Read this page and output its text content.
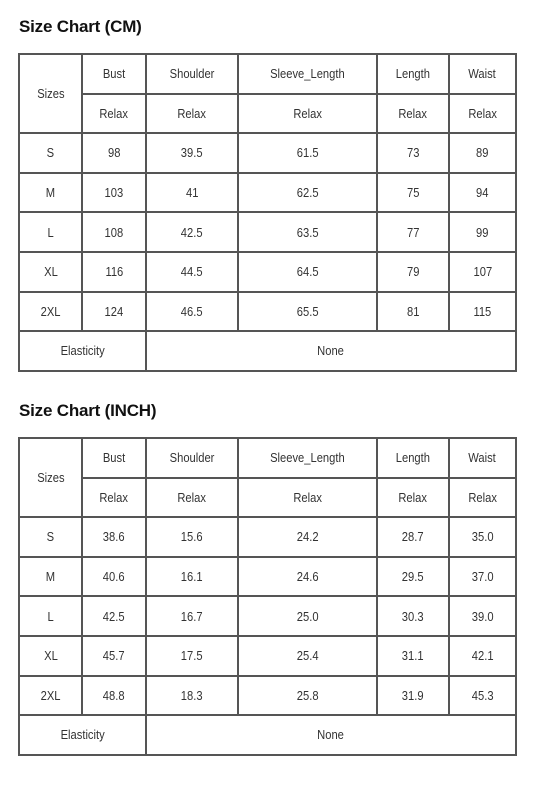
Size Chart (CM)
Sizes	Bust	Shoulder	Sleeve_Length	Length	Waist
	Relax	Relax	Relax	Relax	Relax
S	98	39.5	61.5	73	89
M	103	41	62.5	75	94
L	108	42.5	63.5	77	99
XL	116	44.5	64.5	79	107
2XL	124	46.5	65.5	81	115
Elasticity		None			
Size Chart (INCH)
Sizes	Bust	Shoulder	Sleeve_Length	Length	Waist
	Relax	Relax	Relax	Relax	Relax
S	38.6	15.6	24.2	28.7	35.0
M	40.6	16.1	24.6	29.5	37.0
L	42.5	16.7	25.0	30.3	39.0
XL	45.7	17.5	25.4	31.1	42.1
2XL	48.8	18.3	25.8	31.9	45.3
Elasticity		None			
